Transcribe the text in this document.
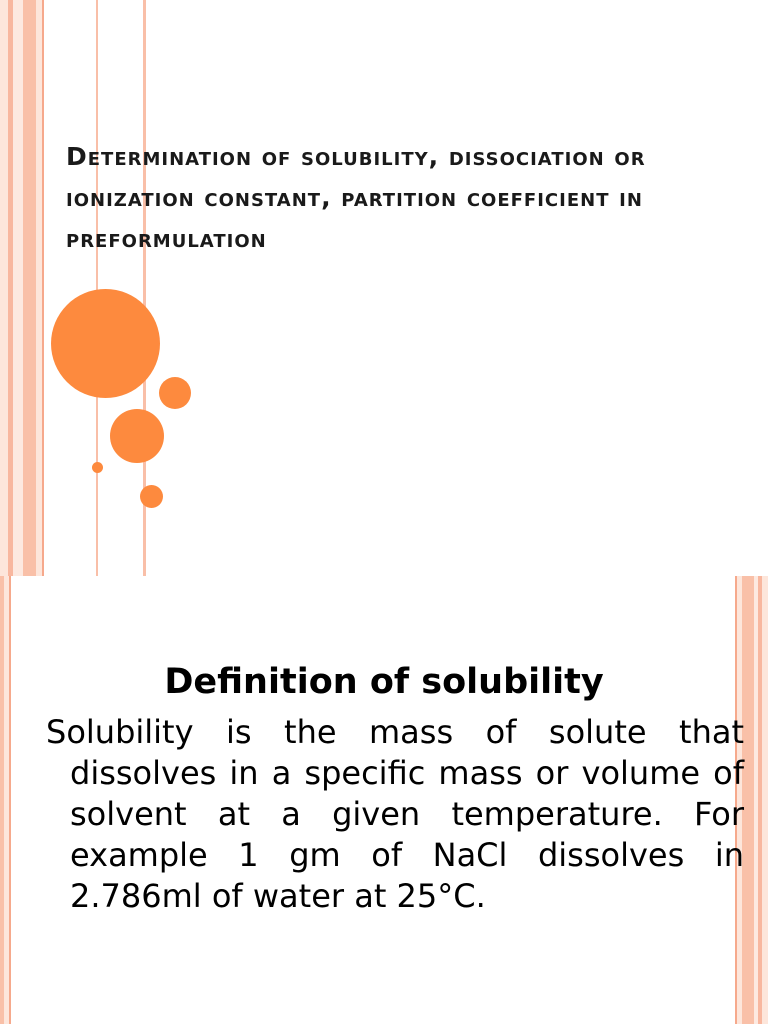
Determination of solubility, dissociation or ionization constant, partition coefficient in preformulation
Definition of solubility

Solubility is the mass of solute that dissolves in a specific mass or volume of solvent at a given temperature. For example 1 gm of NaCl dissolves in 2.786ml of water at 25°C.
